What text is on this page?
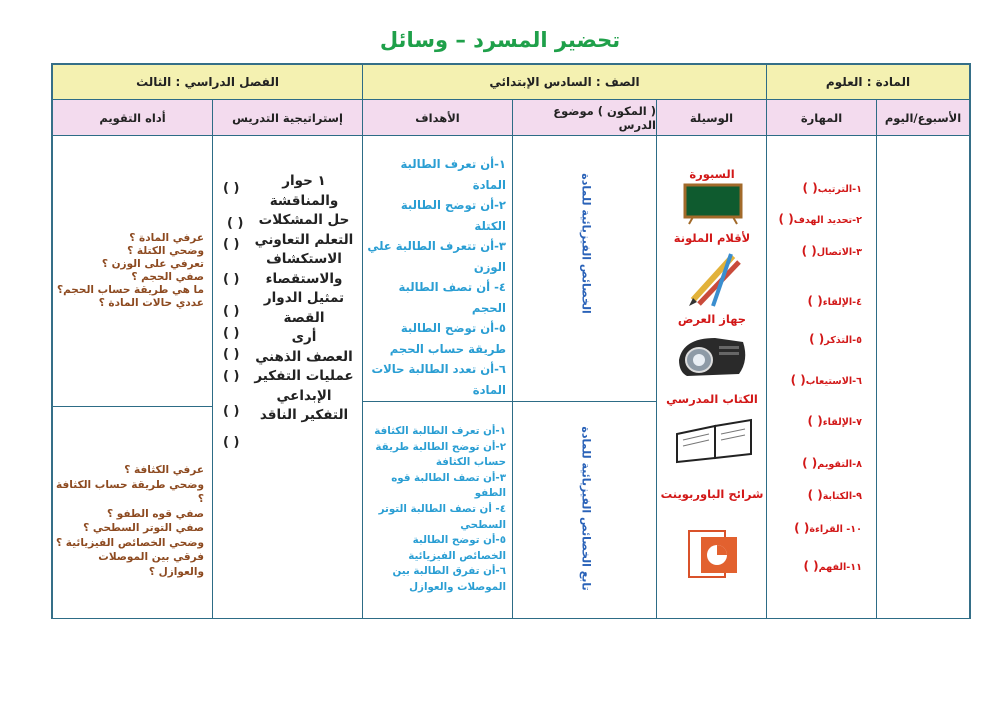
تحضير المسرد – وسائل
المادة : العلوم
الصف : السادس الإبتدائي
الفصل الدراسي : الثالث
الأسبوع/اليوم
المهارة
الوسيلة
( المكون ) موضوع الدرس
الأهداف
إستراتيجية التدريس
أداه التقويم
١-الترتيب( )
٢-تحديد الهدف( )
٣-الاتصال( )
٤-الإلقاء( )
٥-التذكر( )
٦-الاستيعاب( )
٧-الإلقاء( )
٨-التقويم( )
٩-الكتابة( )
١٠- القراءة( )
١١-الفهم( )
السبورة
لأقلام الملونة
جهاز العرض
الكتاب المدرسي
شرائح الباوربوينت
الخصائص الفيزيائية للمادة
تابع الخصائص الفيزيائية للمادة
١-أن تعرف الطالبة المادة
٢-أن توضح الطالبة الكتلة
٣-أن تتعرف الطالبة علي الوزن
٤- أن تصف الطالبة الحجم
٥-أن توضح الطالبة طريقة حساب الحجم
٦-أن تعدد الطالبة حالات المادة
١-أن تعرف الطالبة الكثافة
٢-أن توضح الطالبة طريقة حساب الكثافة
٣-أن تصف الطالبة قوه الطفو
٤- أن تصف الطالبة التوتر السطحي
٥-أن توضح الطالبة الخصائص الفيزيائية
٦-أن تفرق الطالبة بين الموصلات والعوازل
١ حوار والمناقشة
حل المشكلات
التعلم التعاوني
الاستكشاف والاستقصاء
تمثيل الدوار
القصة
أرى
العصف الذهني
عمليات التفكير
الإبداعي
التفكير الناقد
( )
( )
( )
( )
( )
( )
( )
( )
( )
( )
عرفي المادة ؟
وضحي الكتلة ؟
تعرفي على الوزن ؟
صفي الحجم ؟
ما هي طريقة حساب الحجم؟
عددي حالات المادة ؟
عرفي الكثافة ؟
وضحي طريقة حساب الكثافة ؟
صفي قوه الطفو ؟
صفي التوتر السطحي ؟
وضحي الخصائص الفيزيائية ؟
فرقي بين الموصلات والعوازل ؟
